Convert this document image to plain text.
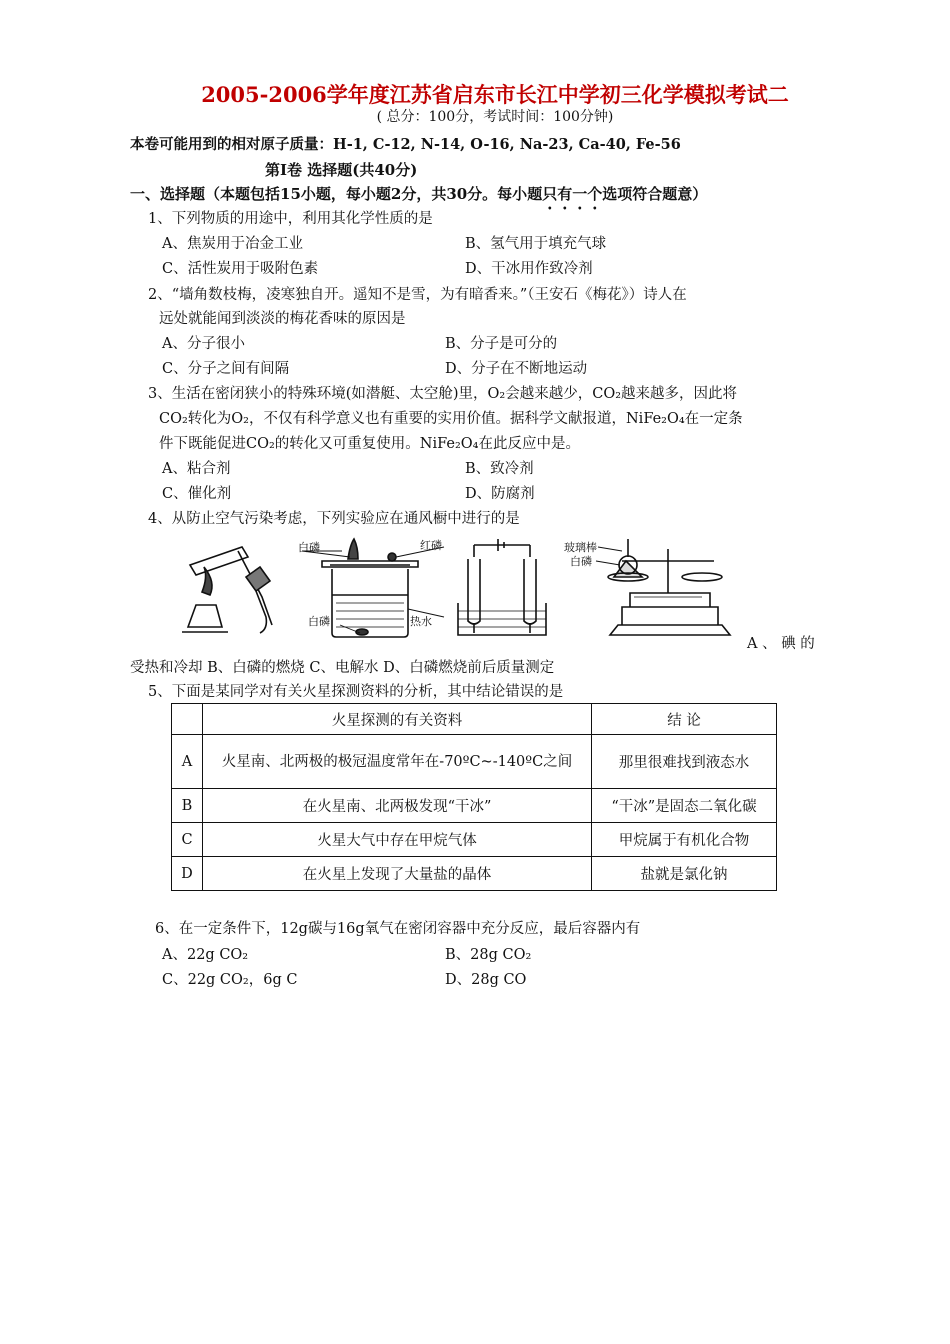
2005-2006学年度江苏省启东市长江中学初三化学模拟考试二
( 总分：100分，考试时间：100分钟)
本卷可能用到的相对原子质量：H-1, C-12, N-14, O-16, Na-23, Ca-40, Fe-56
第Ⅰ卷 选择题(共40分)
一、选择题（本题包括15小题，每小题2分，共30分。每小题只有一个选项符合题意）
1、下列物质的用途中，利用其化学性质的是
A、焦炭用于冶金工业	B、氢气用于填充气球
C、活性炭用于吸附色素	D、干冰用作致冷剂
2、“墙角数枝梅，凌寒独自开。遥知不是雪，为有暗香来。”（王安石《梅花》）诗人在
远处就能闻到淡淡的梅花香味的原因是
A、分子很小	B、分子是可分的
C、分子之间有间隔	D、分子在不断地运动
3、生活在密闭狭小的特殊环境(如潜艇、太空舱)里，O₂会越来越少，CO₂越来越多，因此将
CO₂转化为O₂，不仅有科学意义也有重要的实用价值。据科学文献报道，NiFe₂O₄在一定条
件下既能促进CO₂的转化又可重复使用。NiFe₂O₄在此反应中是。
A、粘合剂	B、致冷剂
C、催化剂	D、防腐剂
4、从防止空气污染考虑，下列实验应在通风橱中进行的是
白磷	红磷
热水
白磷
玻璃棒
白磷
A 、 碘 的
受热和冷却 B、白磷的燃烧 C、电解水 D、白磷燃烧前后质量测定
5、下面是某同学对有关火星探测资料的分析，其中结论错误的是
	火星探测的有关资料	结 论
A	火星南、北两极的极冠温度常年在-70ºC~-140ºC之间	那里很难找到液态水
B	在火星南、北两极发现“干冰”	“干冰”是固态二氧化碳
C	火星大气中存在甲烷气体	甲烷属于有机化合物
D	在火星上发现了大量盐的晶体	盐就是氯化钠
6、在一定条件下，12g碳与16g氧气在密闭容器中充分反应，最后容器内有
A、22g CO₂	B、28g CO₂
C、22g CO₂，6g C	D、28g CO
